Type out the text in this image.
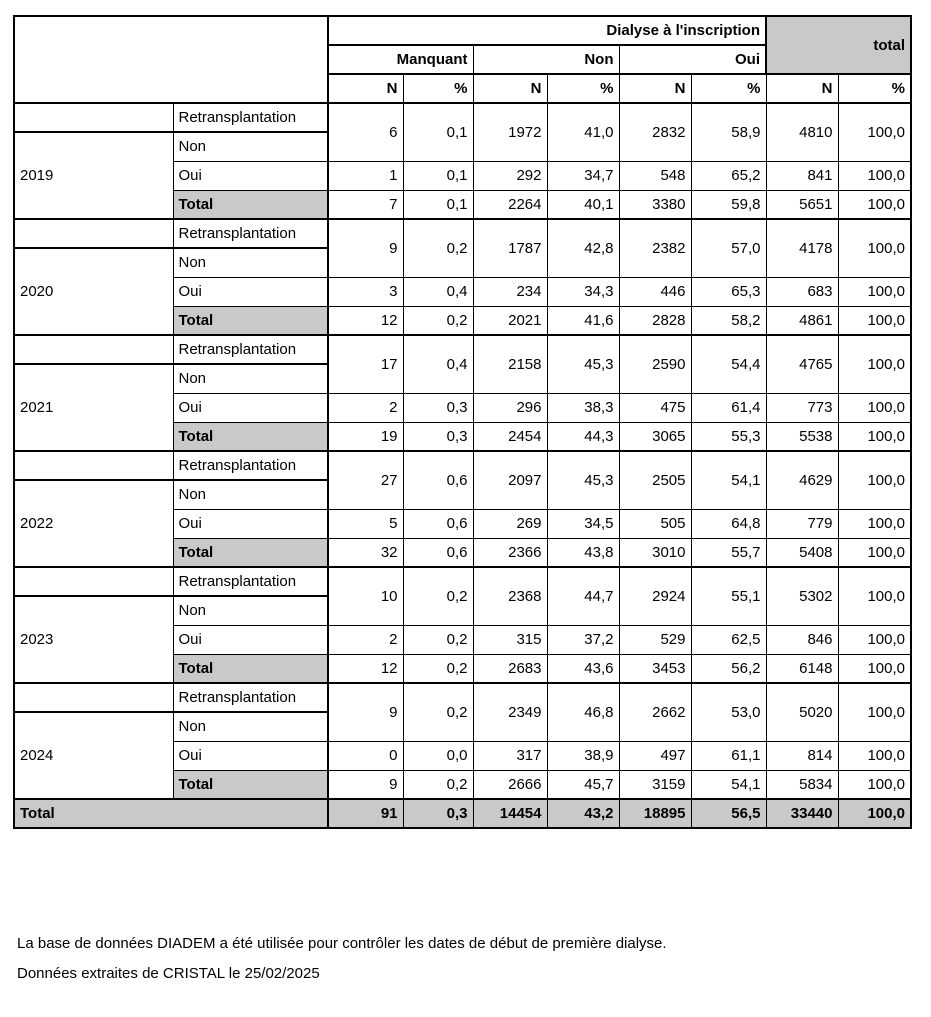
		Dialyse à l'inscription						total	
		Manquant		Non		Oui			
		N	%	N	%	N	%	N	%
	Retransplantation	6	0,1	1972	41,0	2832	58,9	4810	100,0
2019	Non								
	Oui	1	0,1	292	34,7	548	65,2	841	100,0
	Total	7	0,1	2264	40,1	3380	59,8	5651	100,0
	Retransplantation	9	0,2	1787	42,8	2382	57,0	4178	100,0
2020	Non								
	Oui	3	0,4	234	34,3	446	65,3	683	100,0
	Total	12	0,2	2021	41,6	2828	58,2	4861	100,0
	Retransplantation	17	0,4	2158	45,3	2590	54,4	4765	100,0
2021	Non								
	Oui	2	0,3	296	38,3	475	61,4	773	100,0
	Total	19	0,3	2454	44,3	3065	55,3	5538	100,0
	Retransplantation	27	0,6	2097	45,3	2505	54,1	4629	100,0
2022	Non								
	Oui	5	0,6	269	34,5	505	64,8	779	100,0
	Total	32	0,6	2366	43,8	3010	55,7	5408	100,0
	Retransplantation	10	0,2	2368	44,7	2924	55,1	5302	100,0
2023	Non								
	Oui	2	0,2	315	37,2	529	62,5	846	100,0
	Total	12	0,2	2683	43,6	3453	56,2	6148	100,0
	Retransplantation	9	0,2	2349	46,8	2662	53,0	5020	100,0
2024	Non								
	Oui	0	0,0	317	38,9	497	61,1	814	100,0
	Total	9	0,2	2666	45,7	3159	54,1	5834	100,0
Total		91	0,3	14454	43,2	18895	56,5	33440	100,0
La base de données DIADEM a été utilisée pour contrôler les dates de début de première dialyse.
Données extraites de CRISTAL le 25/02/2025
